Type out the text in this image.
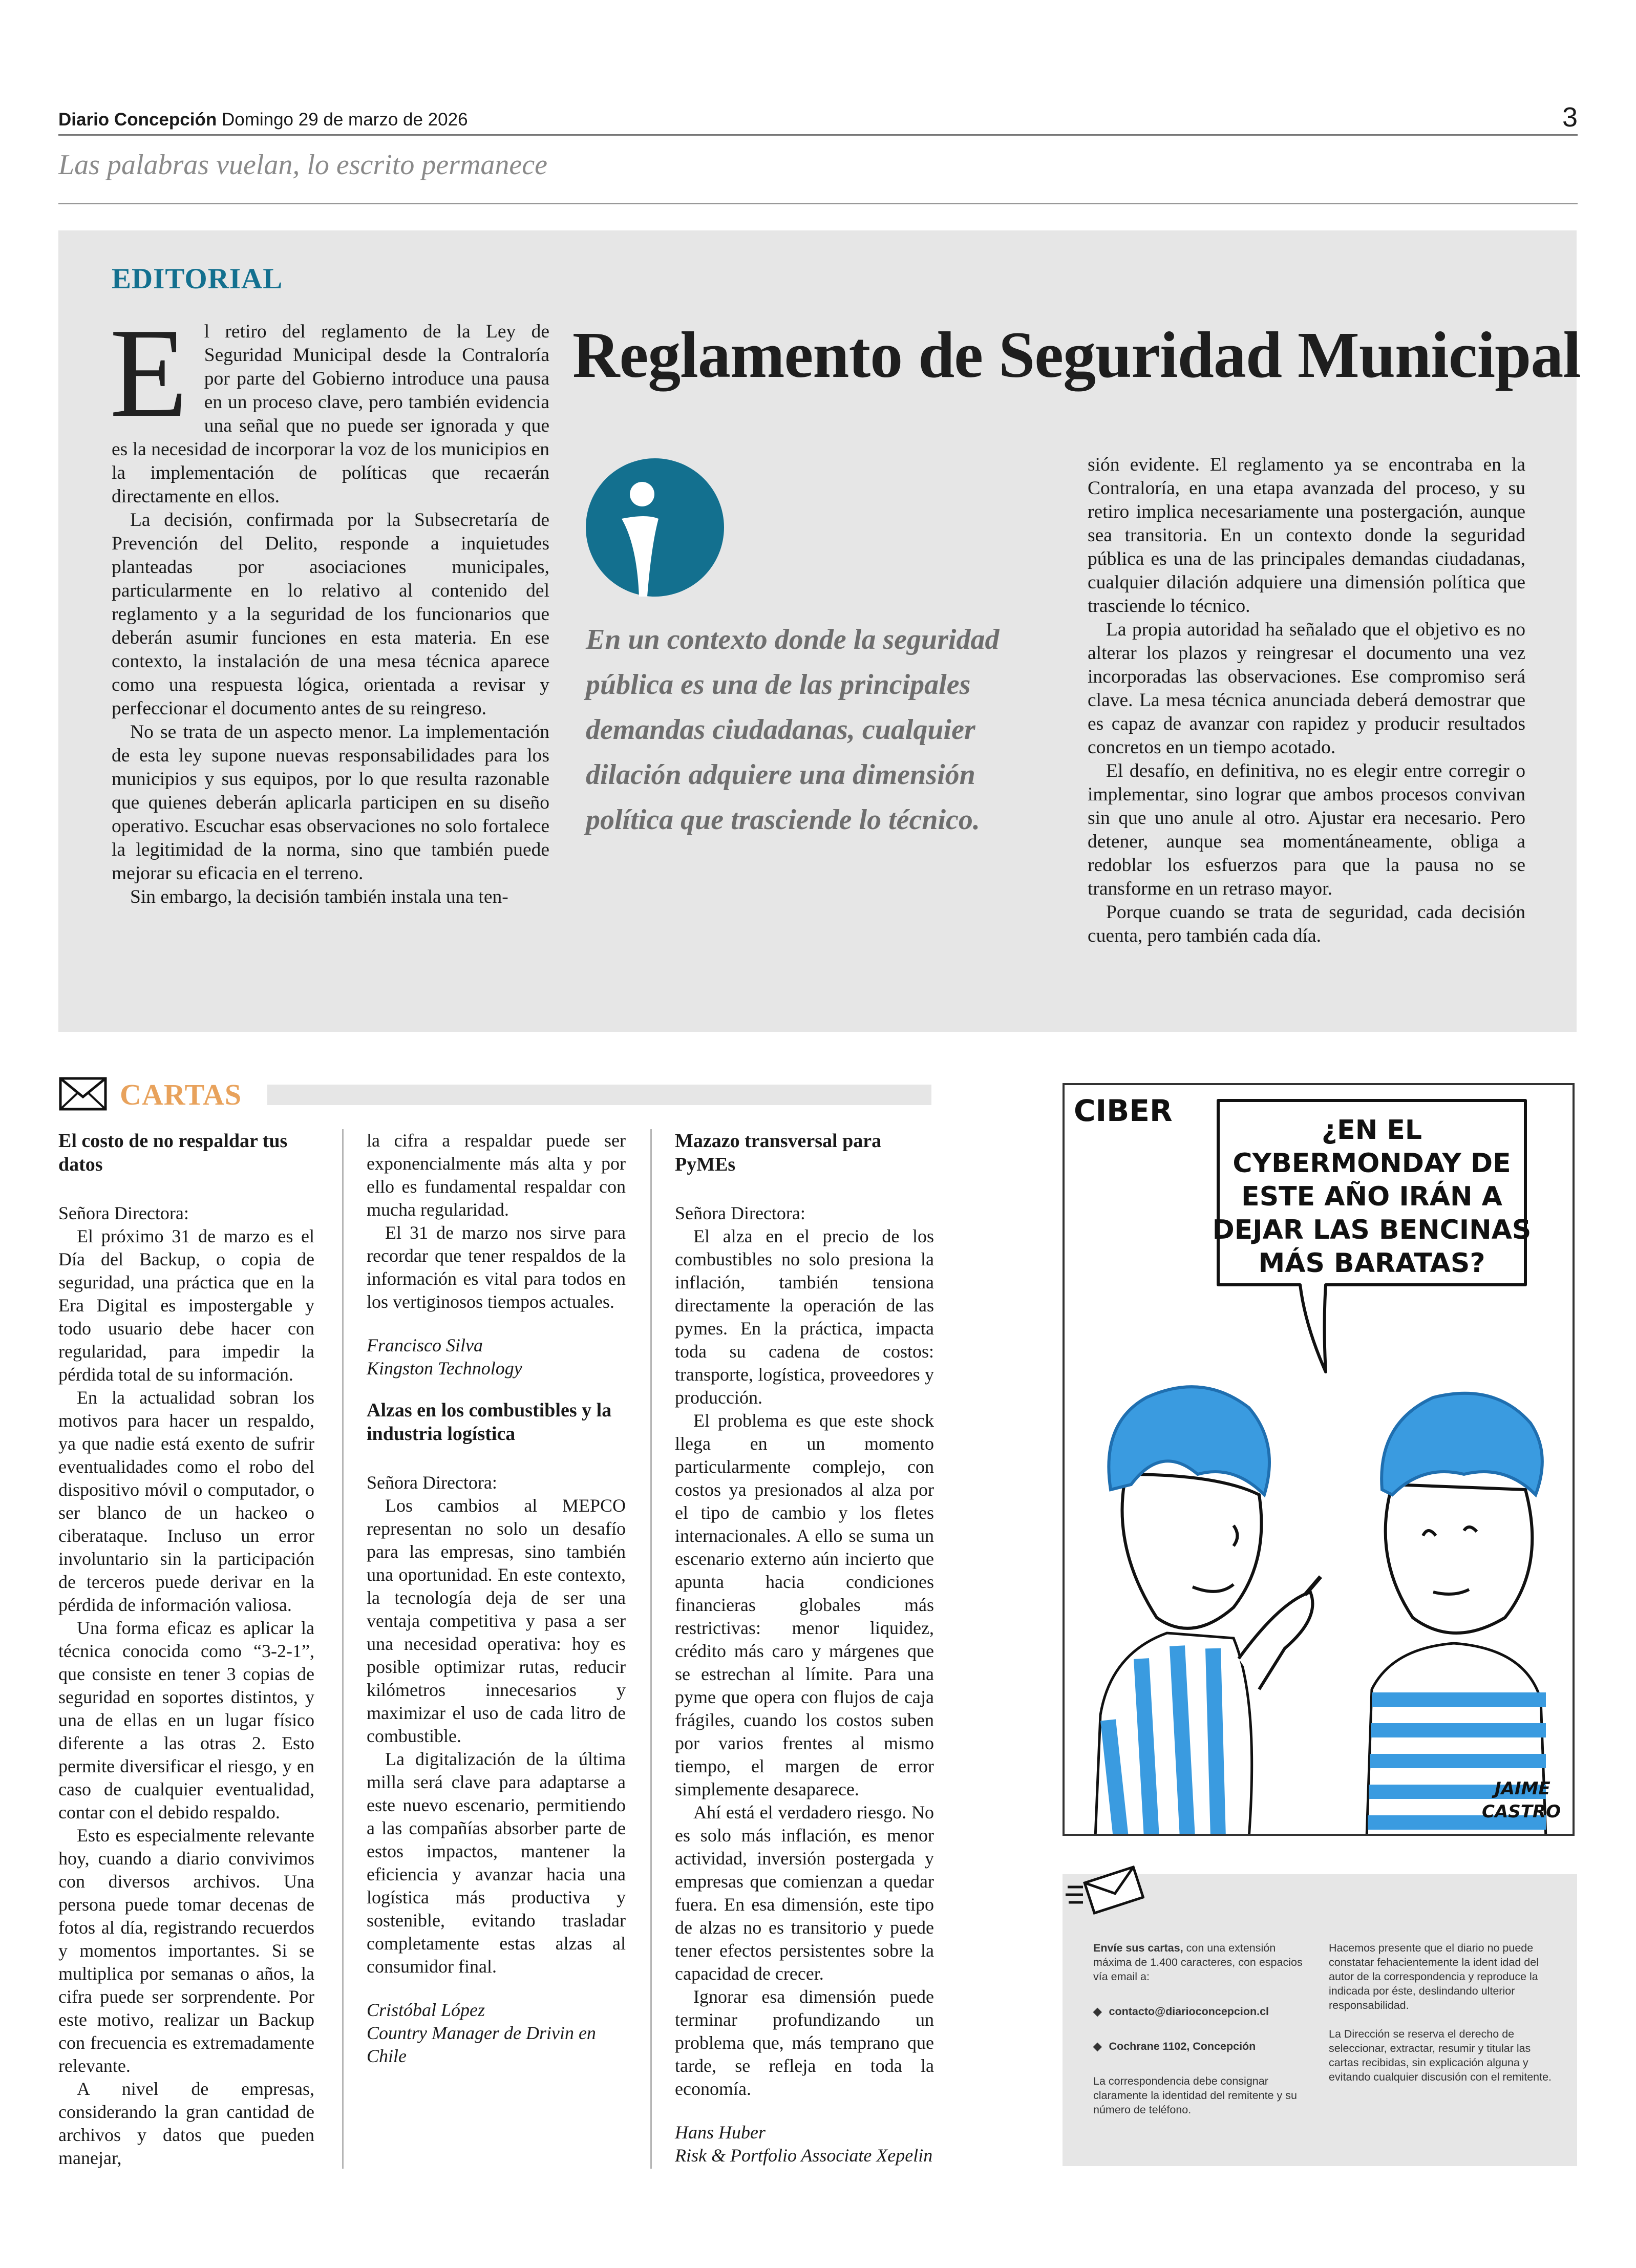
Diario Concepción Domingo 29 de marzo de 2026	3
Las palabras vuelan, lo escrito permanece
EDITORIAL
Reglamento de Seguridad Municipal
E l retiro del reglamento de la Ley de Seguridad Municipal desde la Contraloría por parte del Gobierno introduce una pausa en un proceso clave, pero también evidencia una señal que no puede ser ignorada y que es la necesidad de incorporar la voz de los municipios en la implementación de políticas que recaerán directamente en ellos.

La decisión, confirmada por la Subsecretaría de Prevención del Delito, responde a inquietudes planteadas por asociaciones municipales, particularmente en lo relativo al contenido del reglamento y a la seguridad de los funcionarios que deberán asumir funciones en esta materia. En ese contexto, la instalación de una mesa técnica aparece como una respuesta lógica, orientada a revisar y perfeccionar el documento antes de su reingreso.

No se trata de un aspecto menor. La implementación de esta ley supone nuevas responsabilidades para los municipios y sus equipos, por lo que resulta razonable que quienes deberán aplicarla participen en su diseño operativo. Escuchar esas observaciones no solo fortalece la legitimidad de la norma, sino que también puede mejorar su eficacia en el terreno.

Sin embargo, la decisión también instala una ten-

En un contexto donde la seguridad pública es una de las principales demandas ciudadanas, cualquier dilación adquiere una dimensión política que trasciende lo técnico.

sión evidente. El reglamento ya se encontraba en la Contraloría, en una etapa avanzada del proceso, y su retiro implica necesariamente una postergación, aunque sea transitoria. En un contexto donde la seguridad pública es una de las principales demandas ciudadanas, cualquier dilación adquiere una dimensión política que trasciende lo técnico.

La propia autoridad ha señalado que el objetivo es no alterar los plazos y reingresar el documento una vez incorporadas las observaciones. Ese compromiso será clave. La mesa técnica anunciada deberá demostrar que es capaz de avanzar con rapidez y producir resultados concretos en un tiempo acotado.

El desafío, en definitiva, no es elegir entre corregir o implementar, sino lograr que ambos procesos convivan sin que uno anule al otro. Ajustar era necesario. Pero detener, aunque sea momentáneamente, obliga a redoblar los esfuerzos para que la pausa no se transforme en un retraso mayor.

Porque cuando se trata de seguridad, cada decisión cuenta, pero también cada día.

CARTAS
El costo de no respaldar tus datos

Señora Directora:

El próximo 31 de marzo es el Día del Backup, o copia de seguridad, una práctica que en la Era Digital es impostergable y todo usuario debe hacer con regularidad, para impedir la pérdida total de su información.

En la actualidad sobran los motivos para hacer un respaldo, ya que nadie está exento de sufrir eventualidades como el robo del dispositivo móvil o computador, o ser blanco de un hackeo o ciberataque. Incluso un error involuntario sin la participación de terceros puede derivar en la pérdida de información valiosa.

Una forma eficaz es aplicar la técnica conocida como “3-2-1”, que consiste en tener 3 copias de seguridad en soportes distintos, y una de ellas en un lugar físico diferente a las otras 2. Esto permite diversificar el riesgo, y en caso de cualquier eventualidad, contar con el debido respaldo.

Esto es especialmente relevante hoy, cuando a diario convivimos con diversos archivos. Una persona puede tomar decenas de fotos al día, registrando recuerdos y momentos importantes. Si se multiplica por semanas o años, la cifra puede ser sorprendente. Por este motivo, realizar un Backup con frecuencia es extremadamente relevante.

A nivel de empresas, considerando la gran cantidad de archivos y datos que pueden manejar,

la cifra a respaldar puede ser exponencialmente más alta y por ello es fundamental respaldar con mucha regularidad.

El 31 de marzo nos sirve para recordar que tener respaldos de la información es vital para todos en los vertiginosos tiempos actuales.

Francisco Silva
Kingston Technology
Alzas en los combustibles y la industria logística

Señora Directora:

Los cambios al MEPCO representan no solo un desafío para las empresas, sino también una oportunidad. En este contexto, la tecnología deja de ser una ventaja competitiva y pasa a ser una necesidad operativa: hoy es posible optimizar rutas, reducir kilómetros innecesarios y maximizar el uso de cada litro de combustible.

La digitalización de la última milla será clave para adaptarse a este nuevo escenario, permitiendo a las compañías absorber parte de estos impactos, mantener la eficiencia y avanzar hacia una logística más productiva y sostenible, evitando trasladar completamente estas alzas al consumidor final.

Cristóbal López
Country Manager de Drivin en Chile
Mazazo transversal para PyMEs

Señora Directora:

El alza en el precio de los combustibles no solo presiona la inflación, también tensiona directamente la operación de las pymes. En la práctica, impacta toda su cadena de costos: transporte, logística, proveedores y producción.

El problema es que este shock llega en un momento particularmente complejo, con costos ya presionados al alza por el tipo de cambio y los fletes internacionales. A ello se suma un escenario externo aún incierto que apunta hacia condiciones financieras globales más restrictivas: menor liquidez, crédito más caro y márgenes que se estrechan al límite. Para una pyme que opera con flujos de caja frágiles, cuando los costos suben por varios frentes al mismo tiempo, el margen de error simplemente desaparece.

Ahí está el verdadero riesgo. No es solo más inflación, es menor actividad, inversión postergada y empresas que comienzan a quedar fuera. En esa dimensión, este tipo de alzas no es transitorio y puede tener efectos persistentes sobre la capacidad de crecer.

Ignorar esa dimensión puede terminar profundizando un problema que, más temprano que tarde, se refleja en toda la economía.

Hans Huber
Risk & Portfolio Associate Xepelin
CIBER
¿EN EL
CYBERMONDAY DE
ESTE AÑO IRÁN A
DEJAR LAS BENCINAS
MÁS BARATAS?
JAIME
CASTRO

Envíe sus cartas, con una extensión máxima de 1.400 caracteres, con espacios vía email a:

◆ contacto@diarioconcepcion.cl
◆ Cochrane 1102, Concepción

La correspondencia debe consignar claramente la identidad del remitente y su número de teléfono.

Hacemos presente que el diario no puede constatar fehacientemente la ident idad del autor de la correspondencia y reproduce la indicada por éste, deslindando ulterior responsabilidad.

La Dirección se reserva el derecho de seleccionar, extractar, resumir y titular las cartas recibidas, sin explicación alguna y evitando cualquier discusión con el remitente.
